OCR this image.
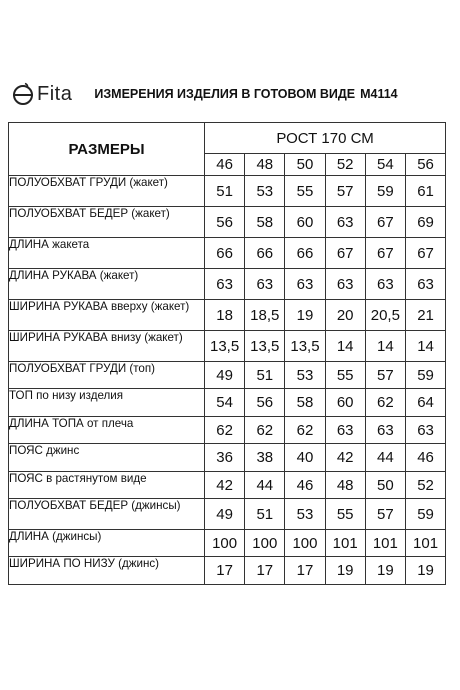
Fita ИЗМЕРЕНИЯ ИЗДЕЛИЯ В ГОТОВОМ ВИДЕ М4114
РАЗМЕРЫ	РОСТ 170 СМ					
	46	48	50	52	54	56
ПОЛУОБХВАТ ГРУДИ (жакет)	51	53	55	57	59	61
ПОЛУОБХВАТ БЕДЕР (жакет)	56	58	60	63	67	69
ДЛИНА жакета	66	66	66	67	67	67
ДЛИНА РУКАВА (жакет)	63	63	63	63	63	63
ШИРИНА РУКАВА вверху (жакет)	18	18,5	19	20	20,5	21
ШИРИНА РУКАВА внизу (жакет)	13,5	13,5	13,5	14	14	14
ПОЛУОБХВАТ ГРУДИ (топ)	49	51	53	55	57	59
ТОП по низу изделия	54	56	58	60	62	64
ДЛИНА ТОПА от плеча	62	62	62	63	63	63
ПОЯС джинс	36	38	40	42	44	46
ПОЯС в растянутом виде	42	44	46	48	50	52
ПОЛУОБХВАТ БЕДЕР (джинсы)	49	51	53	55	57	59
ДЛИНА (джинсы)	100	100	100	101	101	101
ШИРИНА ПО НИЗУ (джинс)	17	17	17	19	19	19
